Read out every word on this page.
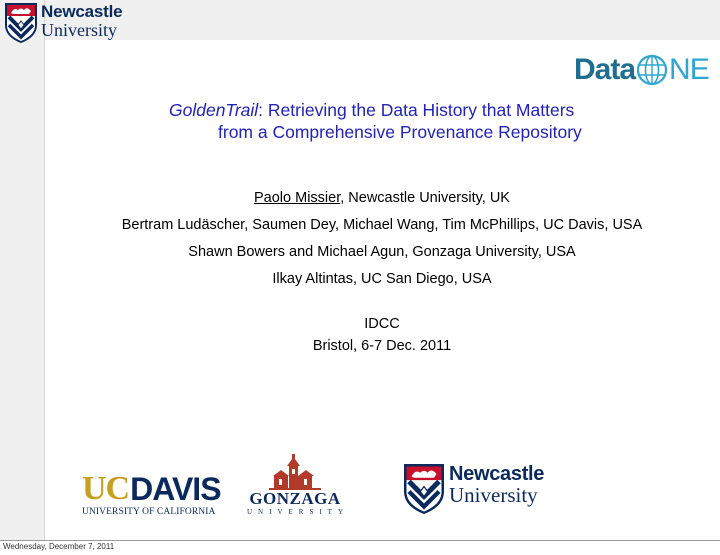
Newcastle
University
Data NE
GoldenTrail: Retrieving the Data History that Matters
from a Comprehensive Provenance Repository
Paolo Missier, Newcastle University, UK
Bertram Ludäscher, Saumen Dey, Michael Wang, Tim McPhillips, UC Davis, USA
Shawn Bowers and Michael Agun, Gonzaga University, USA
Ilkay Altintas, UC San Diego, USA
IDCC
Bristol, 6-7 Dec. 2011
UC DAVIS
UNIVERSITY OF CALIFORNIA
GONZAGA
UNIVERSITY
Newcastle
University
Wednesday, December 7, 2011
